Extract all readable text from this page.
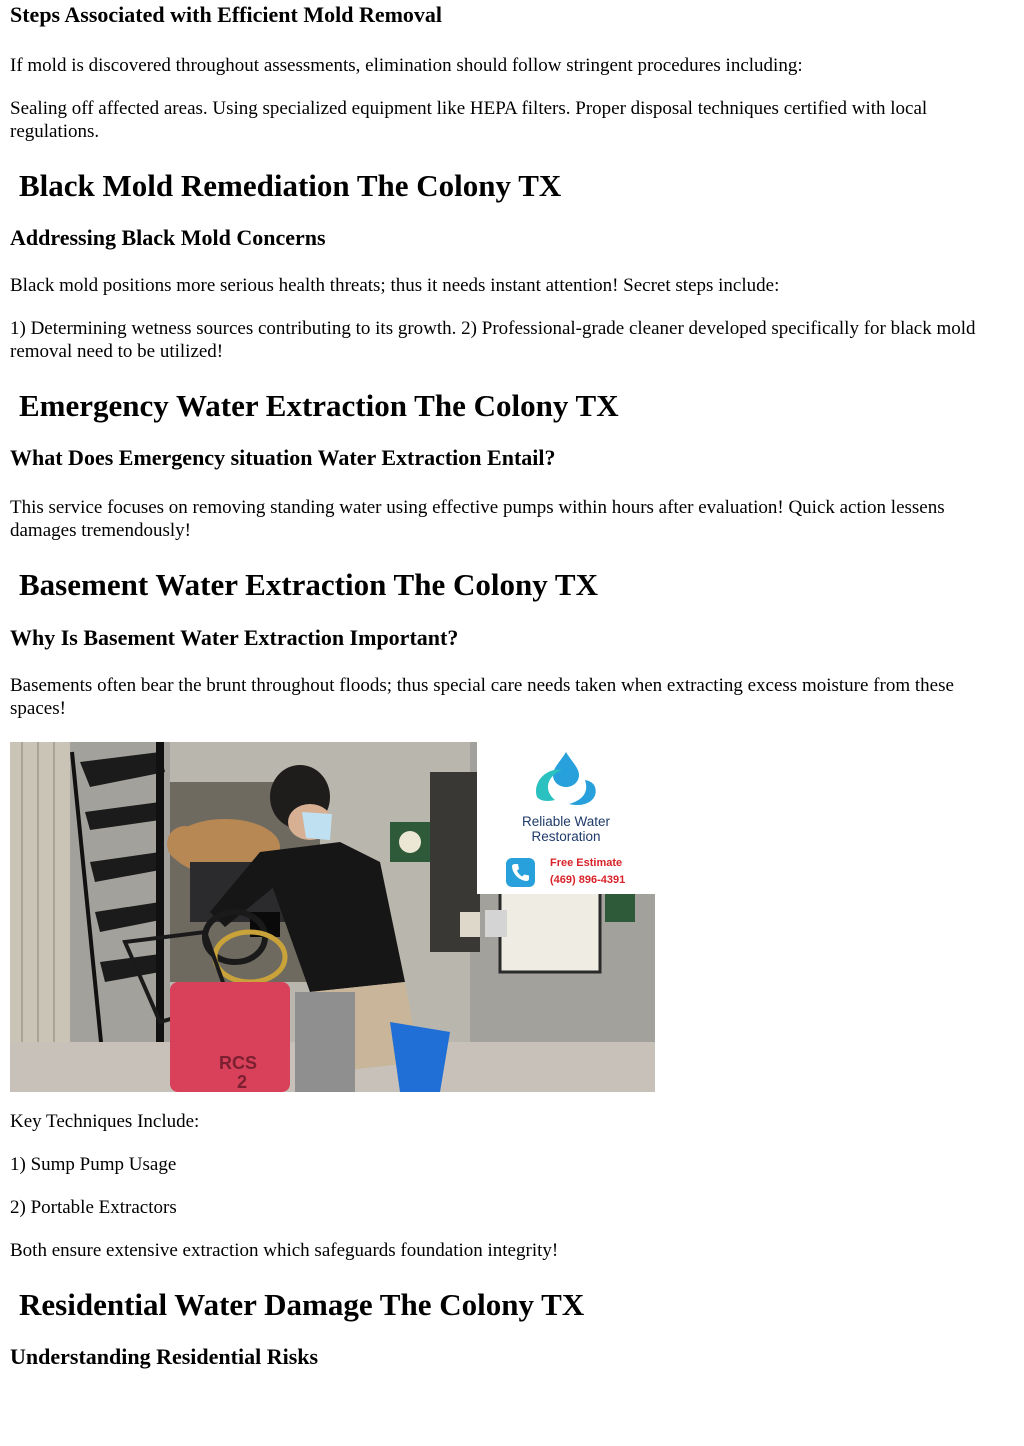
Steps Associated with Efficient Mold Removal

If mold is discovered throughout assessments, elimination should follow stringent procedures including:

Sealing off affected areas. Using specialized equipment like HEPA filters. Proper disposal techniques certified with local regulations.

Black Mold Remediation The Colony TX
Addressing Black Mold Concerns

Black mold positions more serious health threats; thus it needs instant attention! Secret steps include:

1) Determining wetness sources contributing to its growth. 2) Professional-grade cleaner developed specifically for black mold removal need to be utilized!

Emergency Water Extraction The Colony TX
What Does Emergency situation Water Extraction Entail?

This service focuses on removing standing water using effective pumps within hours after evaluation! Quick action lessens damages tremendously!

Basement Water Extraction The Colony TX
Why Is Basement Water Extraction Important?

Basements often bear the brunt throughout floods; thus special care needs taken when extracting excess moisture from these spaces!

RCS
2
Reliable Water
Restoration
Free Estimate
(469) 896-4391

Key Techniques Include:

1) Sump Pump Usage

2) Portable Extractors

Both ensure extensive extraction which safeguards foundation integrity!

Residential Water Damage The Colony TX
Understanding Residential Risks
